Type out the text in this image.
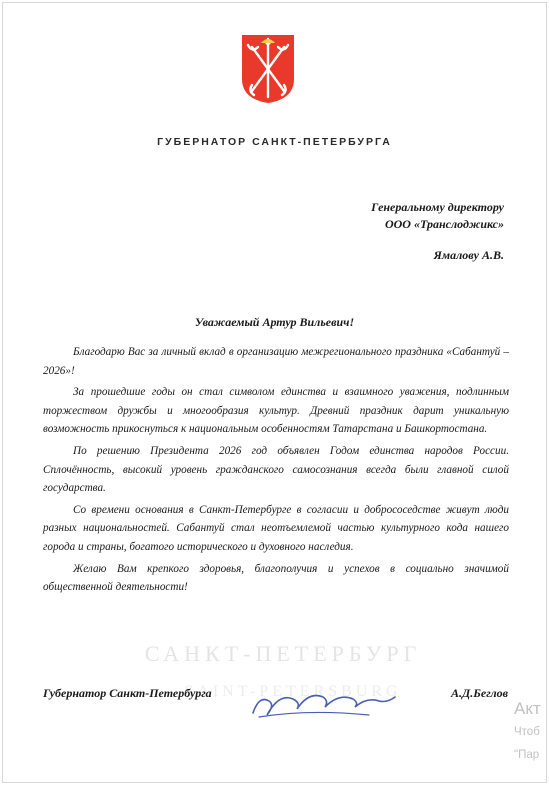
ГУБЕРНАТОР САНКТ-ПЕТЕРБУРГА
Генеральному директору
ООО «Транслоджикс»
Ямалову А.В.
Уважаемый Артур Вильевич!

Благодарю Вас за личный вклад в организацию межрегионального праздника «Сабантуй – 2026»!

За прошедшие годы он стал символом единства и взаимного уважения, подлинным торжеством дружбы и многообразия культур. Древний праздник дарит уникальную возможность прикоснуться к национальным особенностям Татарстана и Башкортостана.

По решению Президента 2026 год объявлен Годом единства народов России. Сплочённость, высокий уровень гражданского самосознания всегда были главной силой государства.

Со времени основания в Санкт-Петербурге в согласии и добрососедстве живут люди разных национальностей. Сабантуй стал неотъемлемой частью культурного кода нашего города и страны, богатого исторического и духовного наследия.

Желаю Вам крепкого здоровья, благополучия и успехов в социально значимой общественной деятельности!

САНКТ-ПЕТЕРБУРГ
SAINT-PETERSBURG
Губернатор Санкт-Петербурга	А.Д.Беглов
Акт
Чтоб
"Пар
